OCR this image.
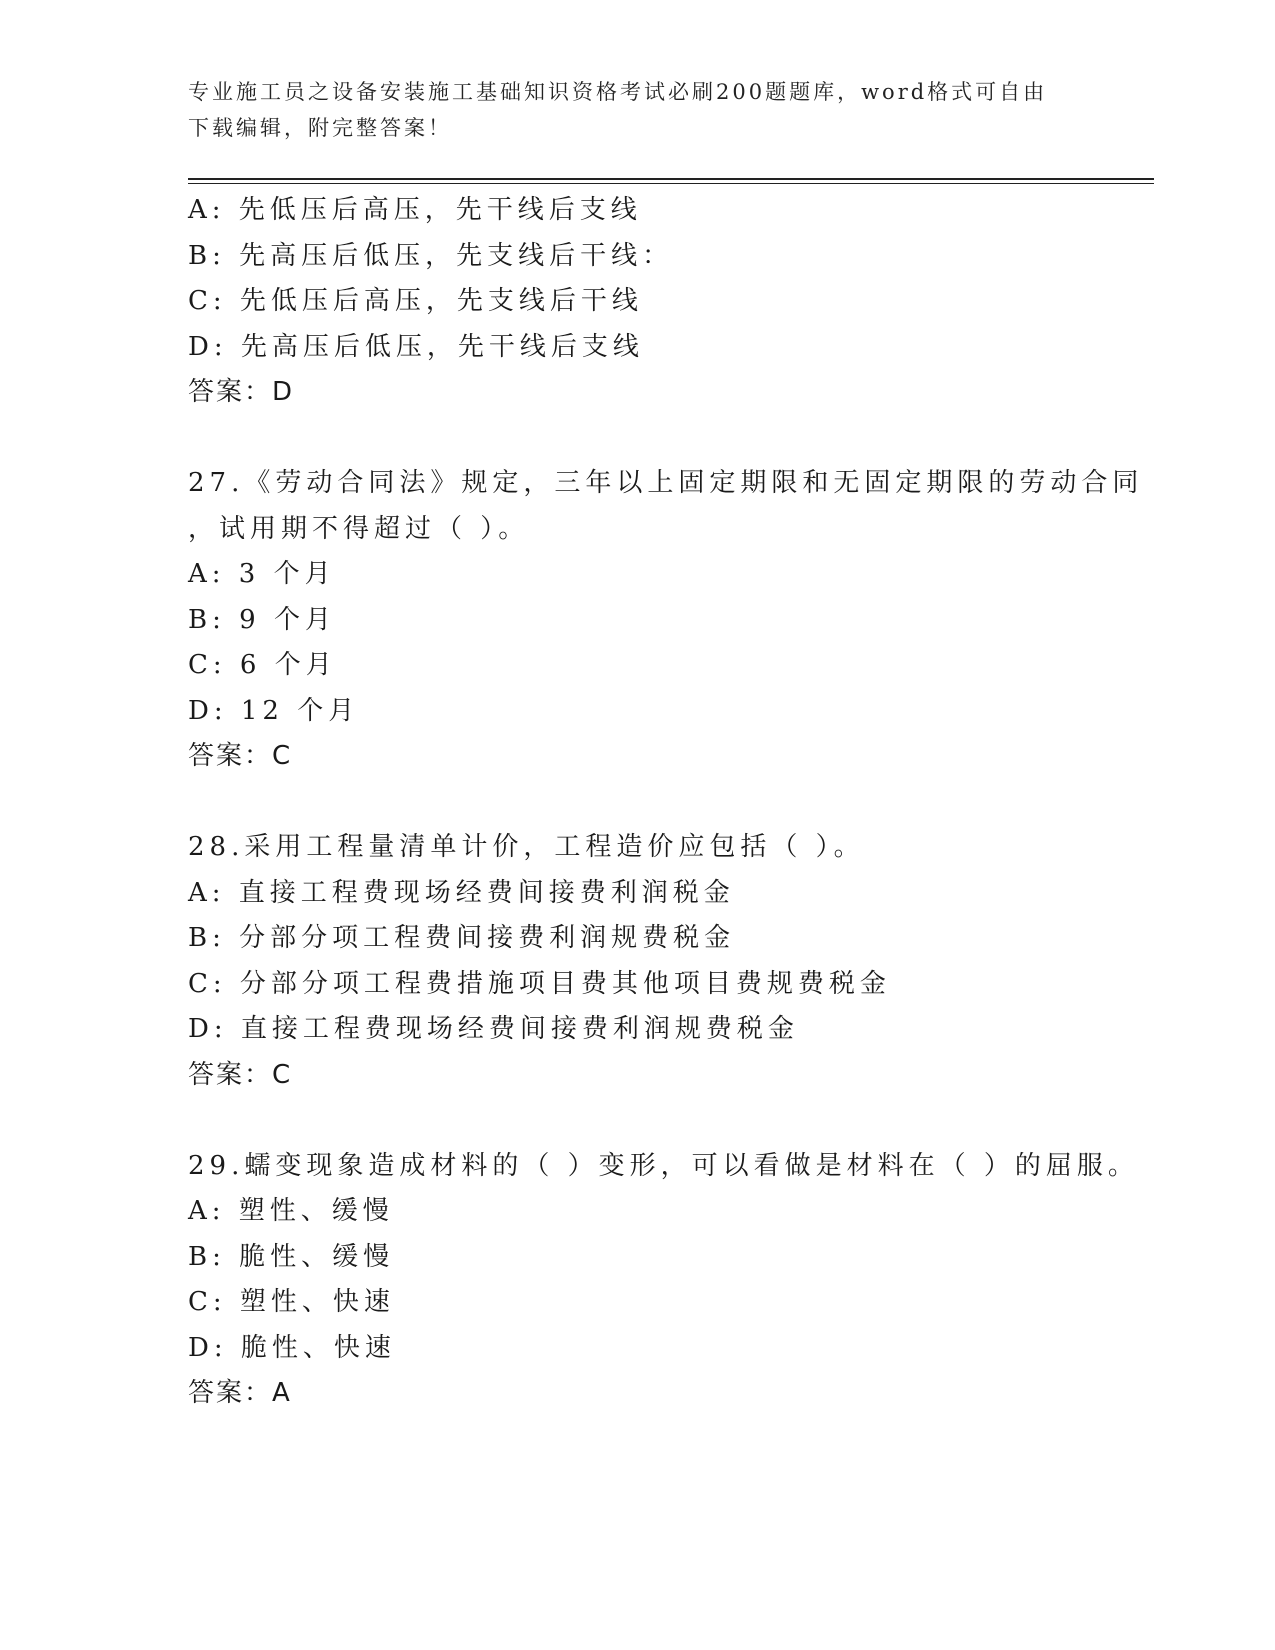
专业施工员之设备安装施工基础知识资格考试必刷200题题库，word格式可自由
下载编辑，附完整答案！
A: 先低压后高压，先干线后支线
B: 先高压后低压，先支线后干线：
C: 先低压后高压，先支线后干线
D: 先高压后低压，先干线后支线
答案：D
27.《劳动合同法》规定，三年以上固定期限和无固定期限的劳动合同
，试用期不得超过（ ）。
A: 3 个月
B: 9 个月
C: 6 个月
D: 12 个月
答案：C
28.采用工程量清单计价，工程造价应包括（ ）。
A: 直接工程费现场经费间接费利润税金
B: 分部分项工程费间接费利润规费税金
C: 分部分项工程费措施项目费其他项目费规费税金
D: 直接工程费现场经费间接费利润规费税金
答案：C
29.蠕变现象造成材料的（ ）变形，可以看做是材料在（ ）的屈服。
A: 塑性、缓慢
B: 脆性、缓慢
C: 塑性、快速
D: 脆性、快速
答案：A
